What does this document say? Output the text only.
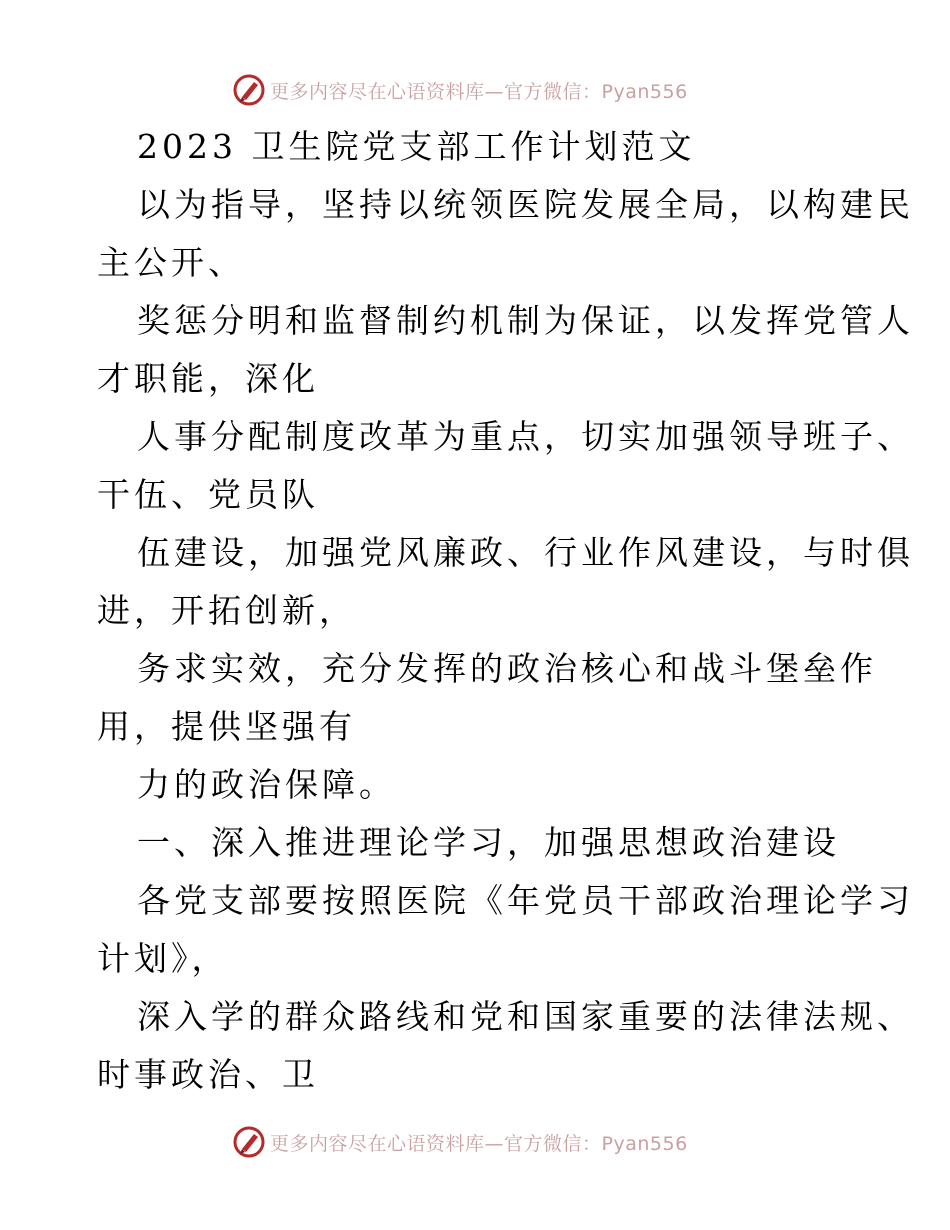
更多内容尽在心语资料库—官方微信：Pyan556
2023 卫生院党支部工作计划范文
以为指导，坚持以统领医院发展全局，以构建民
主公开、
奖惩分明和监督制约机制为保证，以发挥党管人
才职能，深化
人事分配制度改革为重点，切实加强领导班子、
干伍、党员队
伍建设，加强党风廉政、行业作风建设，与时俱
进，开拓创新，
务求实效，充分发挥的政治核心和战斗堡垒作
用，提供坚强有
力的政治保障。
一、深入推进理论学习，加强思想政治建设
各党支部要按照医院《年党员干部政治理论学习
计划》，
深入学的群众路线和党和国家重要的法律法规、
时事政治、卫
更多内容尽在心语资料库—官方微信：Pyan556
